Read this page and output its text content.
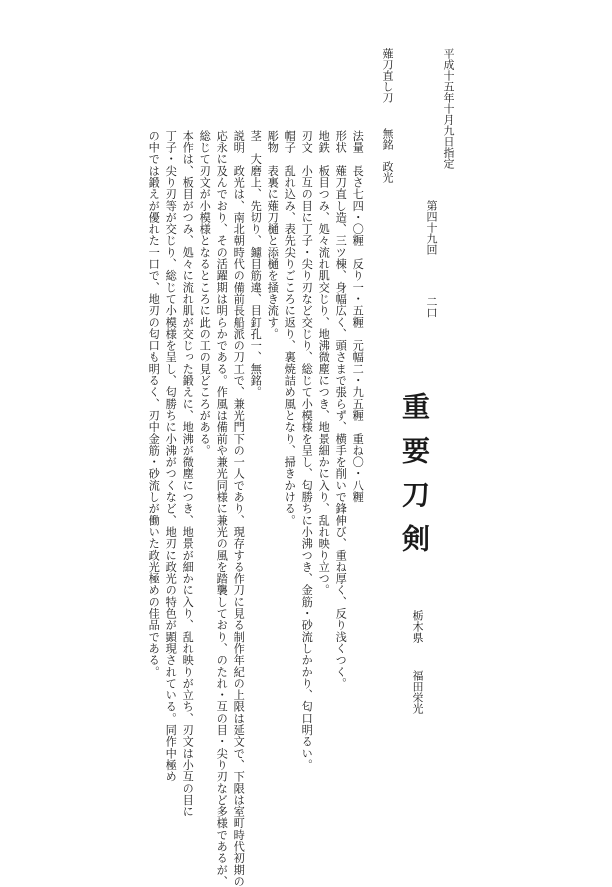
平成十五年十月九日指定
第四十九回
二口
重要刀剣
栃木県
福田栄光
薙刀直し刀
無銘　政光
法量　長さ七四・〇糎　反り一・五糎　元幅二・九五糎　重ね〇・八糎
形状　薙刀直し造、三ツ棟、身幅広く、頭さまで張らず、横手を削いで鋒伸び、重ね厚く、反り浅くつく。
地鉄　板目つみ、処々流れ肌交じり、地沸微塵につき、地景細かに入り、乱れ映り立つ。
刃文　小互の目に丁子・尖り刃など交じり、総じて小模様を呈し、匂勝ちに小沸つき、金筋・砂流しかかり、匂口明るい。
帽子　乱れ込み、表先尖りごころに返り、裏焼詰め風となり、掃きかける。
彫物　表裏に薙刀樋と添樋を掻き流す。
茎　大磨上、先切り、鑢目筋違、目釘孔一、無銘。
説明　政光は、南北朝時代の備前長船派の刀工で、兼光門下の一人であり、現存する作刀に見る制作年紀の上限は延文で、下限は室町時代初期の
応永に及んでおり、その活躍期は明らかである。作風は備前や兼光同様に兼光の風を踏襲しており、のたれ・互の目・尖り刃など多様であるが、
総じて刃文が小模様となるところに此の工の見どころがある。
本作は、板目がつみ、処々に流れ肌が交じった鍛えに、地沸が微塵につき、地景が細かに入り、乱れ映りが立ち、刃文は小互の目に
丁子・尖り刃等が交じり、総じて小模様を呈し、匂勝ちに小沸がつくなど、地刃に政光の特色が顕現されている。同作中極め
の中では鍛えが優れた一口で、地刃の匂口も明るく、刃中金筋・砂流しが働いた政光極めの佳品である。
